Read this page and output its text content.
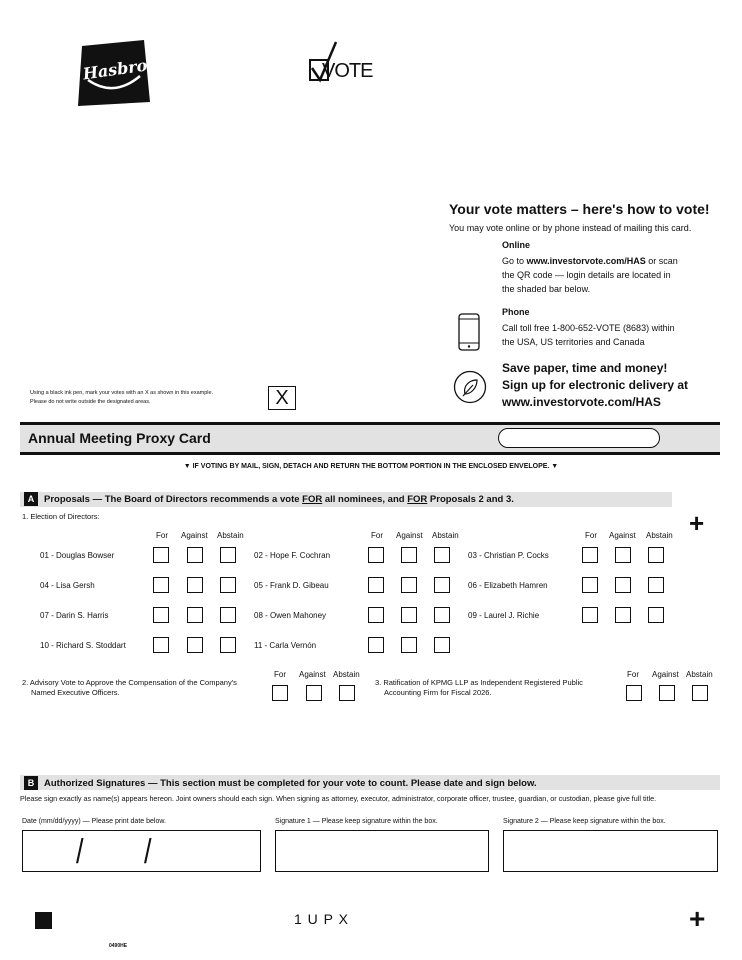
Hasbro	VOTE
Your vote matters – here's how to vote!
You may vote online or by phone instead of mailing this card.
Online
Go to www.investorvote.com/HAS or scan
the QR code — login details are located in
the shaded bar below.
Phone
Call toll free 1-800-652-VOTE (8683) within
the USA, US territories and Canada
Save paper, time and money!
Sign up for electronic delivery at
www.investorvote.com/HAS
Using a black ink pen, mark your votes with an X as shown in this example.
Please do not write outside the designated areas.	X
Annual Meeting Proxy Card
▼ IF VOTING BY MAIL, SIGN, DETACH AND RETURN THE BOTTOM PORTION IN THE ENCLOSED ENVELOPE. ▼
A	Proposals — The Board of Directors recommends a vote FOR all nominees, and FOR Proposals 2 and 3.
+
1. Election of Directors:
For Against Abstain	For Against Abstain	For Against Abstain
For Against Abstain	For Against Abstain
01 - Douglas Bowser	02 - Hope F. Cochran	03 - Christian P. Cocks
04 - Lisa Gersh	05 - Frank D. Gibeau	06 - Elizabeth Hamren
07 - Darin S. Harris	08 - Owen Mahoney	09 - Laurel J. Richie
10 - Richard S. Stoddart	11 - Carla Vernón
2. Advisory Vote to Approve the Compensation of the Company's
Named Executive Officers.
3. Ratification of KPMG LLP as Independent Registered Public
Accounting Firm for Fiscal 2026.
B	Authorized Signatures — This section must be completed for your vote to count. Please date and sign below.
Please sign exactly as name(s) appears hereon. Joint owners should each sign. When signing as attorney, executor, administrator, corporate officer, trustee, guardian, or custodian, please give full title.
Date (mm/dd/yyyy) — Please print date below.	Signature 1 — Please keep signature within the box.	Signature 2 — Please keep signature within the box.
/ /
1 U P X
0490HE
+
